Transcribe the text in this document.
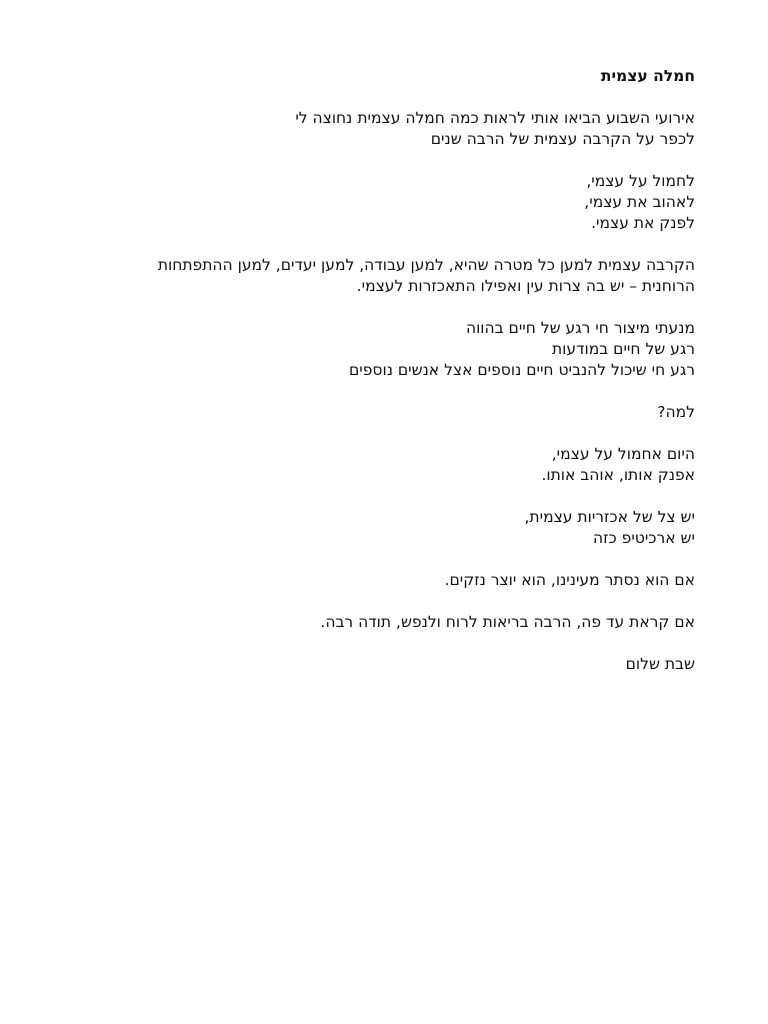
חמלה עצמית
אירועי השבוע הביאו אותי לראות כמה חמלה עצמית נחוצה לי
לכפר על הקרבה עצמית של הרבה שנים
לחמול על עצמי,
לאהוב את עצמי,
לפנק את עצמי.
הקרבה עצמית למען כל מטרה שהיא, למען עבודה, למען יעדים, למען ההתפתחות
הרוחנית – יש בה צרות עין ואפילו התאכזרות לעצמי.
מנעתי מיצור חי רגע של חיים בהווה
רגע של חיים במודעות
רגע חי שיכול להנביט חיים נוספים אצל אנשים נוספים
למה?
היום אחמול על עצמי,
אפנק אותו, אוהב אותו.
יש צל של אכזריות עצמית,
יש ארכיטיפ כזה
אם הוא נסתר מעינינו, הוא יוצר נזקים.
אם קראת עד פה, הרבה בריאות לרוח ולנפש, תודה רבה.
שבת שלום
